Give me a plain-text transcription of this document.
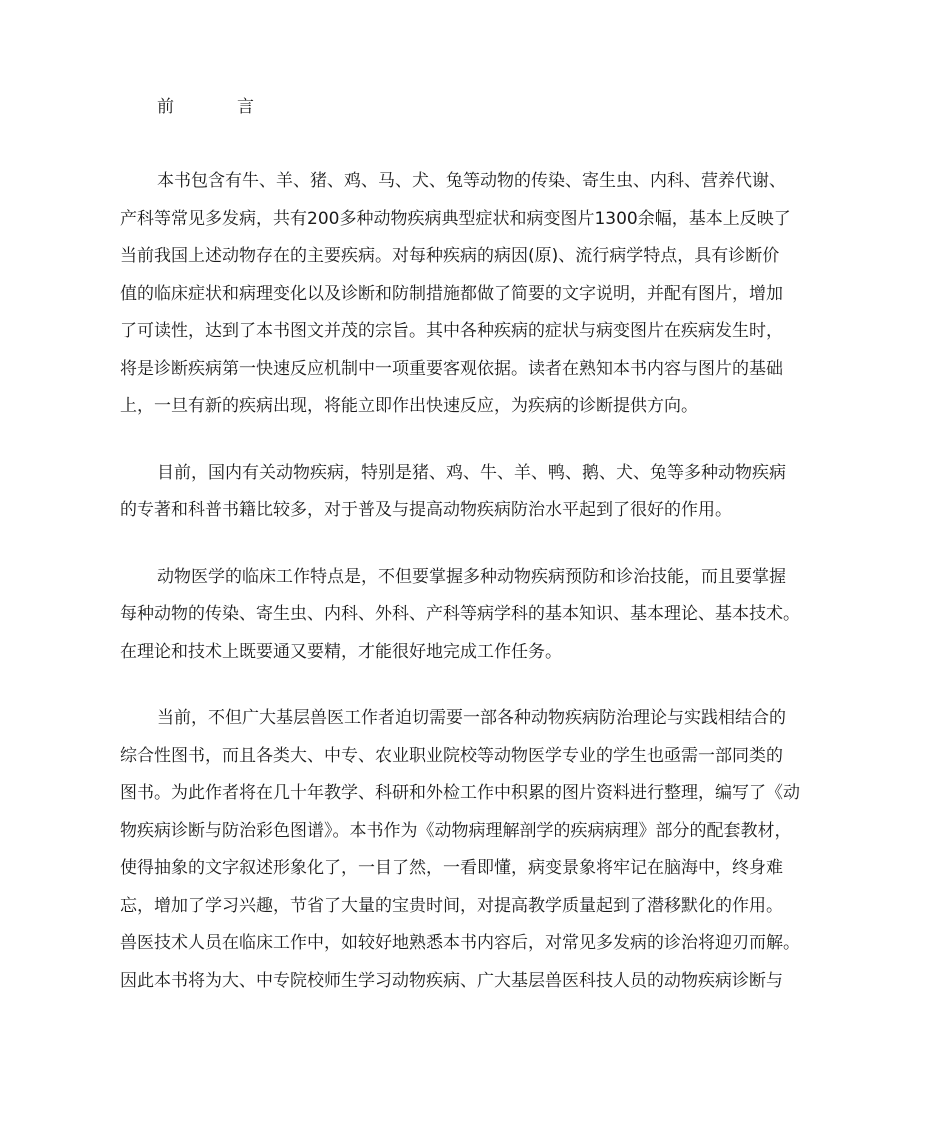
前	言
本书包含有牛、羊、猪、鸡、马、犬、兔等动物的传染、寄生虫、内科、营养代谢、
产科等常见多发病，共有200多种动物疾病典型症状和病变图片1300余幅，基本上反映了
当前我国上述动物存在的主要疾病。对每种疾病的病因(原)、流行病学特点，具有诊断价
值的临床症状和病理变化以及诊断和防制措施都做了简要的文字说明，并配有图片，增加
了可读性，达到了本书图文并茂的宗旨。其中各种疾病的症状与病变图片在疾病发生时，
将是诊断疾病第一快速反应机制中一项重要客观依据。读者在熟知本书内容与图片的基础
上，一旦有新的疾病出现，将能立即作出快速反应，为疾病的诊断提供方向。
目前，国内有关动物疾病，特别是猪、鸡、牛、羊、鸭、鹅、犬、兔等多种动物疾病
的专著和科普书籍比较多，对于普及与提高动物疾病防治水平起到了很好的作用。
动物医学的临床工作特点是，不但要掌握多种动物疾病预防和诊治技能，而且要掌握
每种动物的传染、寄生虫、内科、外科、产科等病学科的基本知识、基本理论、基本技术。
在理论和技术上既要通又要精，才能很好地完成工作任务。
当前，不但广大基层兽医工作者迫切需要一部各种动物疾病防治理论与实践相结合的
综合性图书，而且各类大、中专、农业职业院校等动物医学专业的学生也亟需一部同类的
图书。为此作者将在几十年教学、科研和外检工作中积累的图片资料进行整理，编写了《动
物疾病诊断与防治彩色图谱》。本书作为《动物病理解剖学的疾病病理》部分的配套教材，
使得抽象的文字叙述形象化了，一目了然，一看即懂，病变景象将牢记在脑海中，终身难
忘，增加了学习兴趣，节省了大量的宝贵时间，对提高教学质量起到了潜移默化的作用。
兽医技术人员在临床工作中，如较好地熟悉本书内容后，对常见多发病的诊治将迎刃而解。
因此本书将为大、中专院校师生学习动物疾病、广大基层兽医科技人员的动物疾病诊断与
